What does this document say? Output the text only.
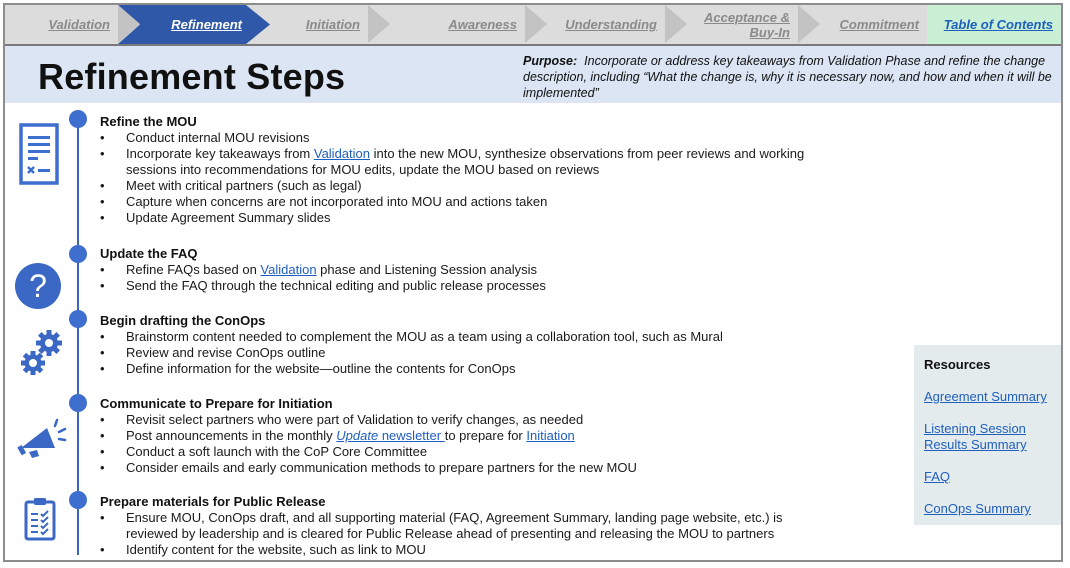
Validation	Refinement	Initiation	Awareness	Understanding	Acceptance &
Buy-In	Commitment	Table of Contents
Refinement Steps	Purpose: Incorporate or address key takeaways from Validation Phase and refine the change description, including “What the change is, why it is necessary now, and how and when it will be implemented”
?
Refine the MOU
• Conduct internal MOU revisions
• Incorporate key takeaways from Validation into the new MOU, synthesize observations from peer reviews and working
sessions into recommendations for MOU edits, update the MOU based on reviews
• Meet with critical partners (such as legal)
• Capture when concerns are not incorporated into MOU and actions taken
• Update Agreement Summary slides
Update the FAQ
• Refine FAQs based on Validation phase and Listening Session analysis
• Send the FAQ through the technical editing and public release processes
Begin drafting the ConOps
• Brainstorm content needed to complement the MOU as a team using a collaboration tool, such as Mural
• Review and revise ConOps outline
• Define information for the website—outline the contents for ConOps
Communicate to Prepare for Initiation
• Revisit select partners who were part of Validation to verify changes, as needed
• Post announcements in the monthly Update newsletter to prepare for Initiation
• Conduct a soft launch with the CoP Core Committee
• Consider emails and early communication methods to prepare partners for the new MOU
Prepare materials for Public Release
• Ensure MOU, ConOps draft, and all supporting material (FAQ, Agreement Summary, landing page website, etc.) is
reviewed by leadership and is cleared for Public Release ahead of presenting and releasing the MOU to partners
• Identify content for the website, such as link to MOU
Resources
Agreement Summary
Listening Session
Results Summary
FAQ
ConOps Summary
